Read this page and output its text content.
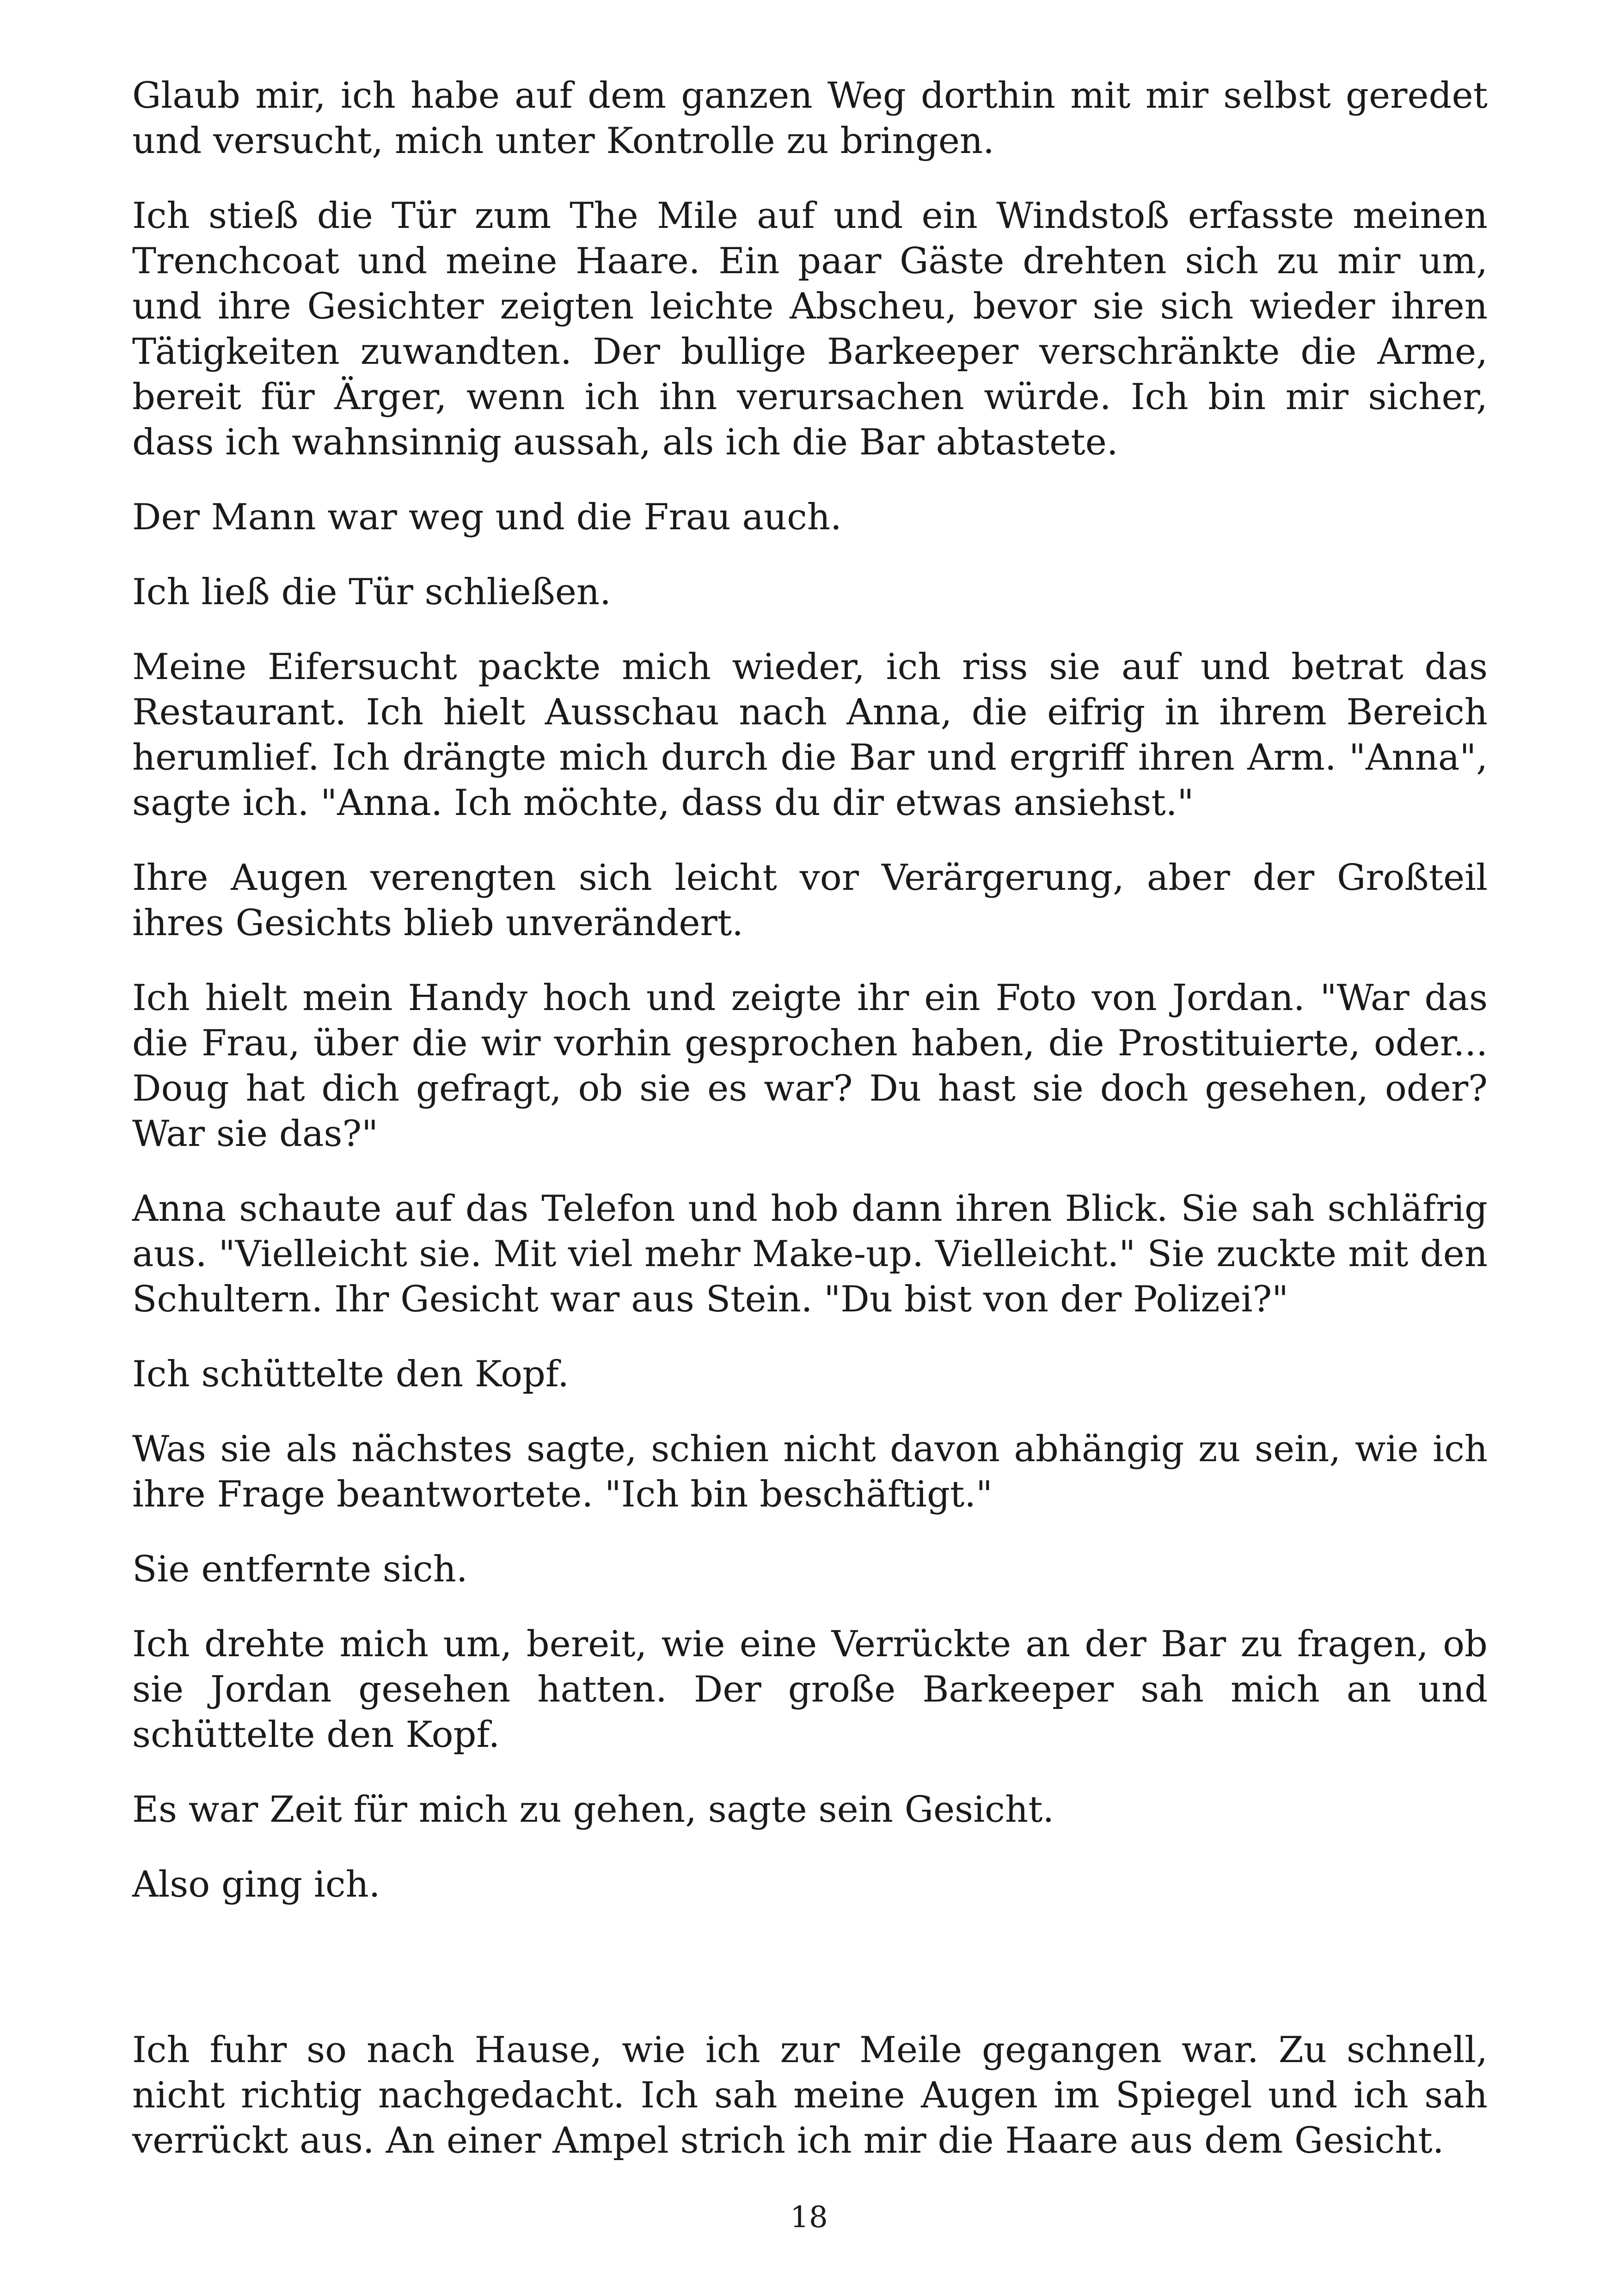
Glaub mir, ich habe auf dem ganzen Weg dorthin mit mir selbst geredet und versucht, mich unter Kontrolle zu bringen.

Ich stieß die Tür zum The Mile auf und ein Windstoß erfasste meinen Trenchcoat und meine Haare. Ein paar Gäste drehten sich zu mir um, und ihre Gesichter zeigten leichte Abscheu, bevor sie sich wieder ihren Tätigkeiten zuwandten. Der bullige Barkeeper verschränkte die Arme, bereit für Ärger, wenn ich ihn verursachen würde. Ich bin mir sicher, dass ich wahnsinnig aussah, als ich die Bar abtastete.

Der Mann war weg und die Frau auch.

Ich ließ die Tür schließen.

Meine Eifersucht packte mich wieder, ich riss sie auf und betrat das Restaurant. Ich hielt Ausschau nach Anna, die eifrig in ihrem Bereich herumlief. Ich drängte mich durch die Bar und ergriff ihren Arm. "Anna", sagte ich. "Anna. Ich möchte, dass du dir etwas ansiehst."

Ihre Augen verengten sich leicht vor Verärgerung, aber der Großteil ihres Gesichts blieb unverändert.

Ich hielt mein Handy hoch und zeigte ihr ein Foto von Jordan. "War das die Frau, über die wir vorhin gesprochen haben, die Prostituierte, oder... Doug hat dich gefragt, ob sie es war? Du hast sie doch gesehen, oder? War sie das?"

Anna schaute auf das Telefon und hob dann ihren Blick. Sie sah schläfrig aus. "Vielleicht sie. Mit viel mehr Make-up. Vielleicht." Sie zuckte mit den Schultern. Ihr Gesicht war aus Stein. "Du bist von der Polizei?"

Ich schüttelte den Kopf.

Was sie als nächstes sagte, schien nicht davon abhängig zu sein, wie ich ihre Frage beantwortete. "Ich bin beschäftigt."

Sie entfernte sich.

Ich drehte mich um, bereit, wie eine Verrückte an der Bar zu fragen, ob sie Jordan gesehen hatten. Der große Barkeeper sah mich an und schüttelte den Kopf.

Es war Zeit für mich zu gehen, sagte sein Gesicht.

Also ging ich.

Ich fuhr so nach Hause, wie ich zur Meile gegangen war. Zu schnell, nicht richtig nachgedacht. Ich sah meine Augen im Spiegel und ich sah verrückt aus. An einer Ampel strich ich mir die Haare aus dem Gesicht.

18
